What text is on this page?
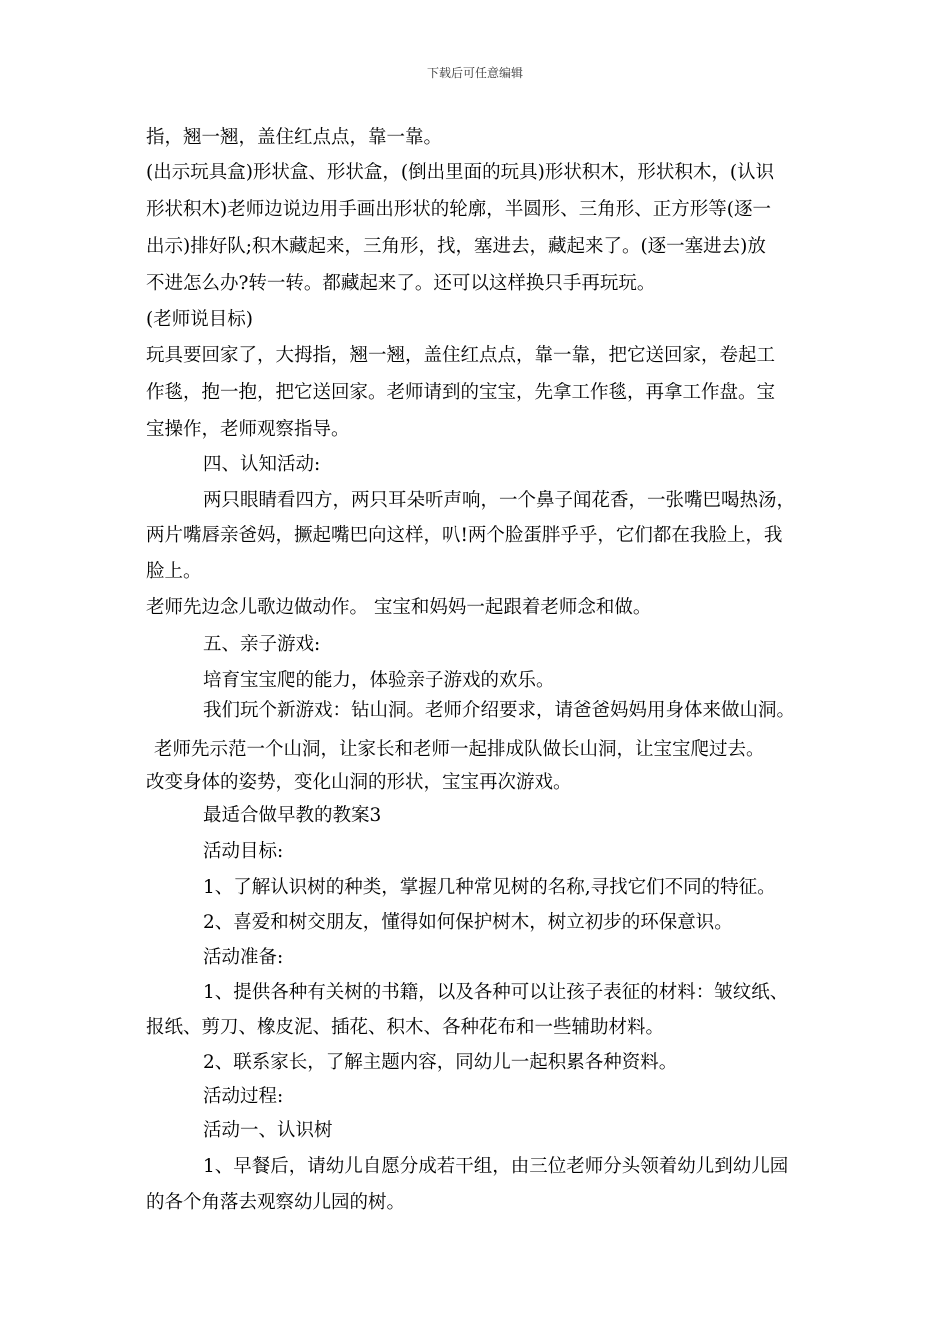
下载后可任意编辑
指，翘一翘，盖住红点点，靠一靠。
(出示玩具盒)形状盒、形状盒，(倒出里面的玩具)形状积木，形状积木，(认识
形状积木)老师边说边用手画出形状的轮廓，半圆形、三角形、正方形等(逐一
出示)排好队;积木藏起来，三角形，找，塞进去，藏起来了。(逐一塞进去)放
不进怎么办?转一转。都藏起来了。还可以这样换只手再玩玩。
(老师说目标)
玩具要回家了，大拇指，翘一翘，盖住红点点，靠一靠，把它送回家，卷起工
作毯，抱一抱，把它送回家。老师请到的宝宝，先拿工作毯，再拿工作盘。宝
宝操作，老师观察指导。
四、认知活动:
两只眼睛看四方，两只耳朵听声响，一个鼻子闻花香，一张嘴巴喝热汤，
两片嘴唇亲爸妈，撅起嘴巴向这样，叭!两个脸蛋胖乎乎，它们都在我脸上，我
脸上。
老师先边念儿歌边做动作。 宝宝和妈妈一起跟着老师念和做。
五、亲子游戏:
培育宝宝爬的能力，体验亲子游戏的欢乐。
我们玩个新游戏：钻山洞。老师介绍要求，请爸爸妈妈用身体来做山洞。
老师先示范一个山洞，让家长和老师一起排成队做长山洞，让宝宝爬过去。
改变身体的姿势，变化山洞的形状，宝宝再次游戏。
最适合做早教的教案3
活动目标:
1、了解认识树的种类，掌握几种常见树的名称,寻找它们不同的特征。
2、喜爱和树交朋友，懂得如何保护树木，树立初步的环保意识。
活动准备:
1、提供各种有关树的书籍，以及各种可以让孩子表征的材料：皱纹纸、
报纸、剪刀、橡皮泥、插花、积木、各种花布和一些辅助材料。
2、联系家长，了解主题内容，同幼儿一起积累各种资料。
活动过程:
活动一、认识树
1、早餐后，请幼儿自愿分成若干组，由三位老师分头领着幼儿到幼儿园
的各个角落去观察幼儿园的树。
